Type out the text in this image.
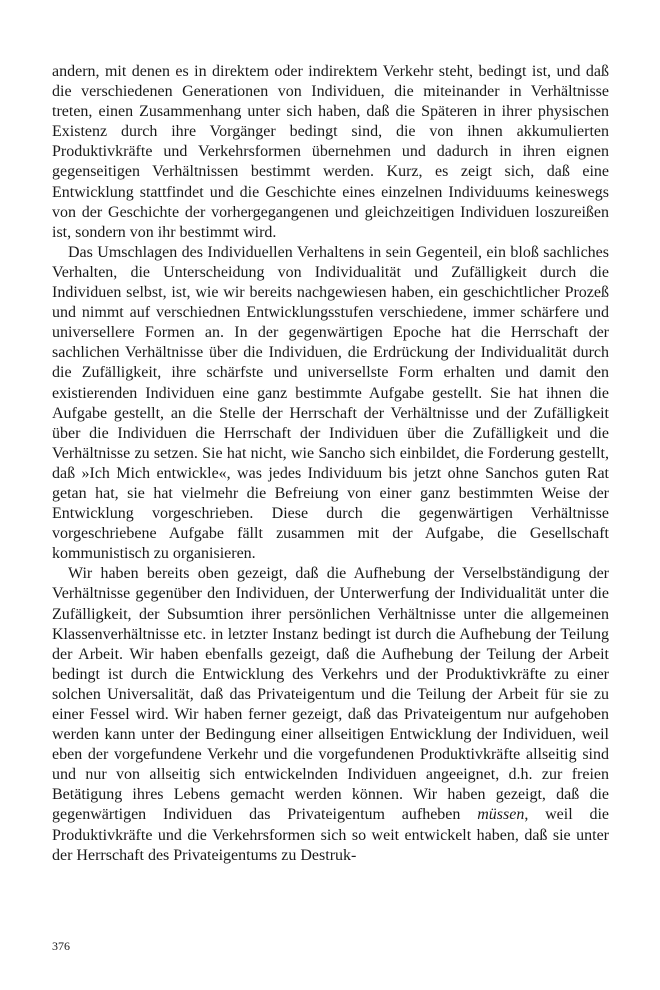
andern, mit denen es in direktem oder indirektem Verkehr steht, bedingt ist, und daß die verschiedenen Generationen von Individuen, die miteinander in Verhältnisse treten, einen Zusammenhang unter sich haben, daß die Späteren in ihrer physischen Existenz durch ihre Vorgänger bedingt sind, die von ihnen akkumulierten Produktivkräfte und Verkehrsformen übernehmen und dadurch in ihren eignen gegenseitigen Verhältnissen bestimmt werden. Kurz, es zeigt sich, daß eine Entwicklung stattfindet und die Geschichte eines einzelnen Individuums keineswegs von der Geschichte der vorhergegangenen und gleichzeitigen Individuen loszureißen ist, sondern von ihr bestimmt wird.

Das Umschlagen des Individuellen Verhaltens in sein Gegenteil, ein bloß sachliches Verhalten, die Unterscheidung von Individualität und Zufälligkeit durch die Individuen selbst, ist, wie wir bereits nachgewiesen haben, ein geschichtlicher Prozeß und nimmt auf verschiednen Entwicklungsstufen verschiedene, immer schärfere und universellere Formen an. In der gegenwärtigen Epoche hat die Herrschaft der sachlichen Verhältnisse über die Individuen, die Erdrückung der Individualität durch die Zufälligkeit, ihre schärfste und universellste Form erhalten und damit den existierenden Individuen eine ganz bestimmte Aufgabe gestellt. Sie hat ihnen die Aufgabe gestellt, an die Stelle der Herrschaft der Verhältnisse und der Zufälligkeit über die Individuen die Herrschaft der Individuen über die Zufälligkeit und die Verhältnisse zu setzen. Sie hat nicht, wie Sancho sich einbildet, die Forderung gestellt, daß »Ich Mich entwickle«, was jedes Individuum bis jetzt ohne Sanchos guten Rat getan hat, sie hat vielmehr die Befreiung von einer ganz bestimmten Weise der Entwicklung vorgeschrieben. Diese durch die gegenwärtigen Verhältnisse vorgeschriebene Aufgabe fällt zusammen mit der Aufgabe, die Gesellschaft kommunistisch zu organisieren.

Wir haben bereits oben gezeigt, daß die Aufhebung der Verselbständigung der Verhältnisse gegenüber den Individuen, der Unterwerfung der Individualität unter die Zufälligkeit, der Subsumtion ihrer persönlichen Verhältnisse unter die allgemeinen Klassenverhältnisse etc. in letzter Instanz bedingt ist durch die Aufhebung der Teilung der Arbeit. Wir haben ebenfalls gezeigt, daß die Aufhebung der Teilung der Arbeit bedingt ist durch die Entwicklung des Verkehrs und der Produktivkräfte zu einer solchen Universalität, daß das Privateigentum und die Teilung der Arbeit für sie zu einer Fessel wird. Wir haben ferner gezeigt, daß das Privateigentum nur aufgehoben werden kann unter der Bedingung einer allseitigen Entwicklung der Individuen, weil eben der vorgefundene Verkehr und die vorgefundenen Produktivkräfte allseitig sind und nur von allseitig sich entwickelnden Individuen angeeignet, d.h. zur freien Betätigung ihres Lebens gemacht werden können. Wir haben gezeigt, daß die gegenwärtigen Individuen das Privateigentum aufheben müssen, weil die Produktivkräfte und die Verkehrsformen sich so weit entwickelt haben, daß sie unter der Herrschaft des Privateigentums zu Destruk-

376
